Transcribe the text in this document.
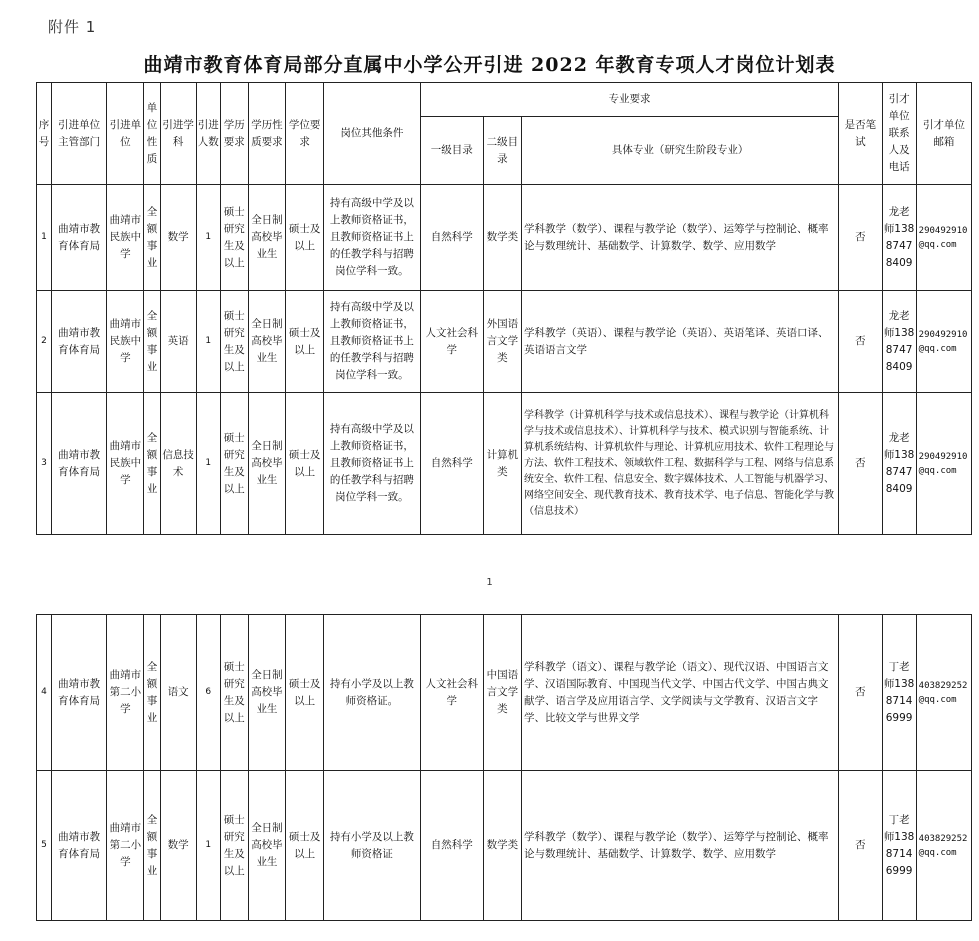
附件 1
曲靖市教育体育局部分直属中小学公开引进 2022 年教育专项人才岗位计划表
序号	引进单位主管部门	引进单位	单位性质	引进学科	引进人数	学历要求	学历性质要求	学位要求	岗位其他条件	专业要求			是否笔试	引才单位联系人及电话	引才单位邮箱
										一级目录	二级目录	具体专业（研究生阶段专业）			
1	曲靖市教育体育局	曲靖市民族中学	全额事业	数学	1	硕士研究生及以上	全日制高校毕业生	硕士及以上	持有高级中学及以上教师资格证书，且教师资格证书上的任教学科与招聘岗位学科一致。	自然科学	数学类	学科教学（数学）、课程与教学论（数学）、运筹学与控制论、概率论与数理统计、基础数学、计算数学、数学、应用数学	否	龙老师13887478409	290492910@qq.com
2	曲靖市教育体育局	曲靖市民族中学	全额事业	英语	1	硕士研究生及以上	全日制高校毕业生	硕士及以上	持有高级中学及以上教师资格证书，且教师资格证书上的任教学科与招聘岗位学科一致。	人文社会科学	外国语言文学类	学科教学（英语）、课程与教学论（英语）、英语笔译、英语口译、英语语言文学	否	龙老师13887478409	290492910@qq.com
3	曲靖市教育体育局	曲靖市民族中学	全额事业	信息技术	1	硕士研究生及以上	全日制高校毕业生	硕士及以上	持有高级中学及以上教师资格证书，且教师资格证书上的任教学科与招聘岗位学科一致。	自然科学	计算机类	学科教学（计算机科学与技术或信息技术）、课程与教学论（计算机科学与技术或信息技术）、计算机科学与技术、模式识别与智能系统、计算机系统结构、计算机软件与理论、计算机应用技术、软件工程理论与方法、软件工程技术、领域软件工程、数据科学与工程、网络与信息系统安全、软件工程、信息安全、数字媒体技术、人工智能与机器学习、网络空间安全、现代教育技术、教育技术学、电子信息、智能化学与教（信息技术）	否	龙老师13887478409	290492910@qq.com
1
4	曲靖市教育体育局	曲靖市第二小学	全额事业	语文	6	硕士研究生及以上	全日制高校毕业生	硕士及以上	持有小学及以上教师资格证。	人文社会科学	中国语言文学类	学科教学（语文）、课程与教学论（语文）、现代汉语、中国语言文学、汉语国际教育、中国现当代文学、中国古代文学、中国古典文献学、语言学及应用语言学、文学阅读与文学教育、汉语言文字学、比较文学与世界文学	否	丁老师13887146999	403829252@qq.com
5	曲靖市教育体育局	曲靖市第二小学	全额事业	数学	1	硕士研究生及以上	全日制高校毕业生	硕士及以上	持有小学及以上教师资格证	自然科学	数学类	学科教学（数学）、课程与教学论（数学）、运筹学与控制论、概率论与数理统计、基础数学、计算数学、数学、应用数学	否	丁老师13887146999	403829252@qq.com
